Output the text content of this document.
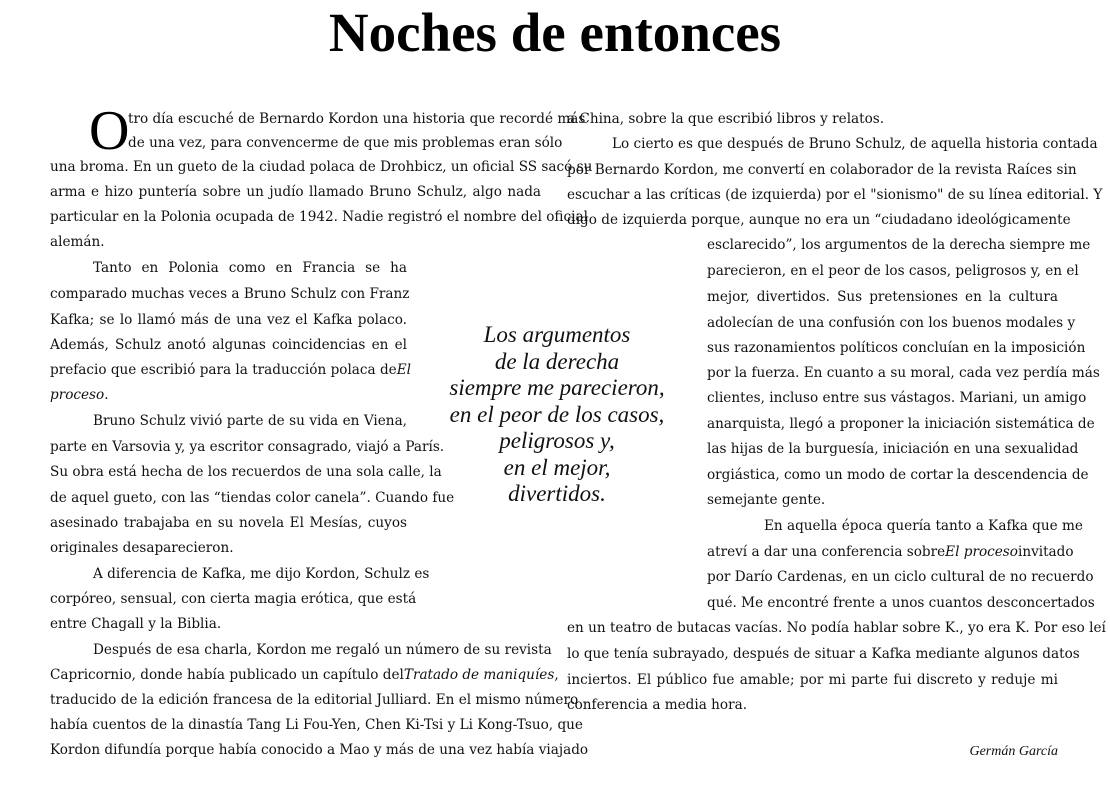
Noches de entonces
O
tro día escuché de Bernardo Kordon una historia que recordé más
de una vez, para convencerme de que mis problemas eran sólo
una broma. En un gueto de la ciudad polaca de Drohbicz, un oficial SS sacó su
arma e hizo puntería sobre un judío llamado Bruno Schulz, algo nada
particular en la Polonia ocupada de 1942. Nadie registró el nombre del oficial
alemán.
Tanto en Polonia como en Francia se ha
comparado muchas veces a Bruno Schulz con Franz
Kafka; se lo llamó más de una vez el Kafka polaco.
Además, Schulz anotó algunas coincidencias en el
prefacio que escribió para la traducción polaca de El
proceso.
Bruno Schulz vivió parte de su vida en Viena,
parte en Varsovia y, ya escritor consagrado, viajó a París.
Su obra está hecha de los recuerdos de una sola calle, la
de aquel gueto, con las “tiendas color canela”. Cuando fue
asesinado trabajaba en su novela El Mesías, cuyos
originales desaparecieron.
A diferencia de Kafka, me dijo Kordon, Schulz es
corpóreo, sensual, con cierta magia erótica, que está
entre Chagall y la Biblia.
Después de esa charla, Kordon me regaló un número de su revista
Capricornio, donde había publicado un capítulo del Tratado de maniquíes,
traducido de la edición francesa de la editorial Julliard. En el mismo número
había cuentos de la dinastía Tang Li Fou-Yen, Chen Ki-Tsi y Li Kong-Tsuo, que
Kordon difundía porque había conocido a Mao y más de una vez había viajado
Los argumentos
de la derecha
siempre me parecieron,
en el peor de los casos,
peligrosos y,
en el mejor,
divertidos.
a China, sobre la que escribió libros y relatos.
Lo cierto es que después de Bruno Schulz, de aquella historia contada
por Bernardo Kordon, me convertí en colaborador de la revista Raíces sin
escuchar a las críticas (de izquierda) por el "sionismo" de su línea editorial. Y
digo de izquierda porque, aunque no era un “ciudadano ideológicamente
esclarecido”, los argumentos de la derecha siempre me
parecieron, en el peor de los casos, peligrosos y, en el
mejor, divertidos. Sus pretensiones en la cultura
adolecían de una confusión con los buenos modales y
sus razonamientos políticos concluían en la imposición
por la fuerza. En cuanto a su moral, cada vez perdía más
clientes, incluso entre sus vástagos. Mariani, un amigo
anarquista, llegó a proponer la iniciación sistemática de
las hijas de la burguesía, iniciación en una sexualidad
orgiástica, como un modo de cortar la descendencia de
semejante gente.
En aquella época quería tanto a Kafka que me
atreví a dar una conferencia sobre El proceso invitado
por Darío Cardenas, en un ciclo cultural de no recuerdo
qué. Me encontré frente a unos cuantos desconcertados
en un teatro de butacas vacías. No podía hablar sobre K., yo era K. Por eso leí
lo que tenía subrayado, después de situar a Kafka mediante algunos datos
inciertos. El público fue amable; por mi parte fui discreto y reduje mi
conferencia a media hora.
Germán García
